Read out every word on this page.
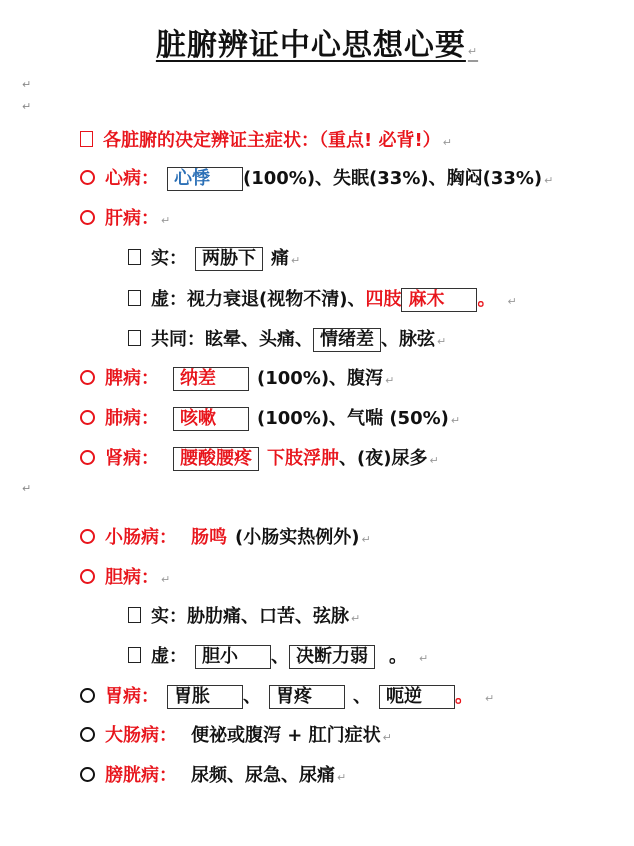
脏腑辨证中心思想心要 ↵
↵
↵
各脏腑的决定辨证主症状：（重点! 必背!） ↵
心病： 心悸 (100%)、失眠(33%)、胸闷(33%) ↵
肝病： ↵
实： 两胁下 痛 ↵
虚：视力衰退(视物不清)、四肢 麻木 。 ↵
共同：眩晕、头痛、 情绪差 、脉弦 ↵
脾病： 纳差 (100%)、腹泻 ↵
肺病： 咳嗽 (100%)、气喘 (50%) ↵
肾病： 腰酸腰疼 下肢浮肿、(夜)尿多 ↵
↵
小肠病： 肠鸣 (小肠实热例外) ↵
胆病： ↵
实：胁肋痛、口苦、弦脉 ↵
虚： 胆小 、 决断力弱 。 ↵
胃病： 胃胀 、 胃疼 、 呃逆 。 ↵
大肠病： 便祕或腹泻 + 肛门症状 ↵
膀胱病： 尿频、尿急、尿痛 ↵
